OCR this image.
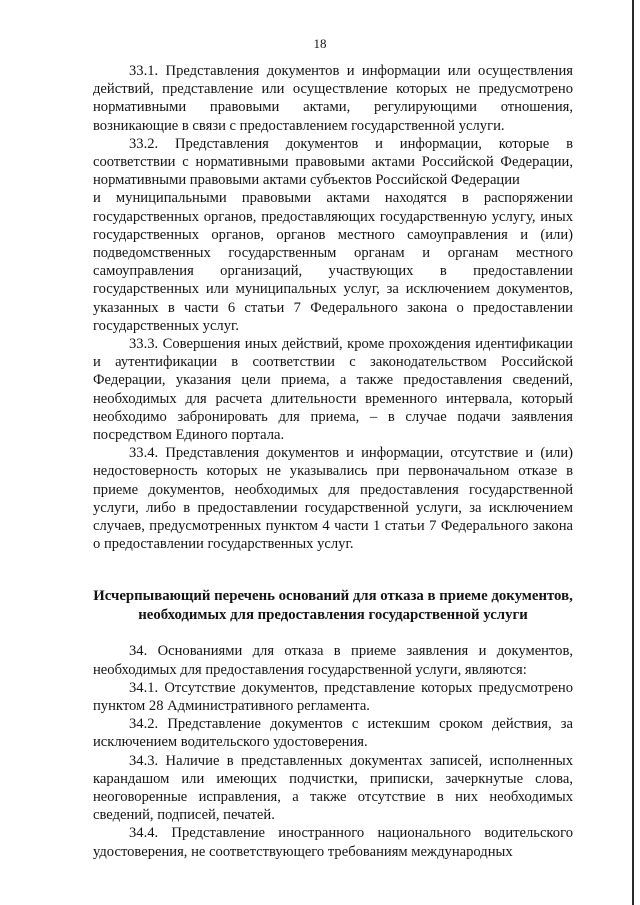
18

33.1. Представления документов и информации или осуществления действий, представление или осуществление которых не предусмотрено нормативными правовыми актами, регулирующими отношения, возникающие в связи с предоставлением государственной услуги.

33.2. Представления документов и информации, которые в соответствии с нормативными правовыми актами Российской Федерации, нормативными правовыми актами субъектов Российской Федерации

и муниципальными правовыми актами находятся в распоряжении государственных органов, предоставляющих государственную услугу, иных государственных органов, органов местного самоуправления и (или) подведомственных государственным органам и органам местного самоуправления организаций, участвующих в предоставлении государственных или муниципальных услуг, за исключением документов, указанных в части 6 статьи 7 Федерального закона о предоставлении государственных услуг.

33.3. Совершения иных действий, кроме прохождения идентификации и аутентификации в соответствии с законодательством Российской Федерации, указания цели приема, а также предоставления сведений, необходимых для расчета длительности временного интервала, который необходимо забронировать для приема, – в случае подачи заявления посредством Единого портала.

33.4. Представления документов и информации, отсутствие и (или) недостоверность которых не указывались при первоначальном отказе в приеме документов, необходимых для предоставления государственной услуги, либо в предоставлении государственной услуги, за исключением случаев, предусмотренных пунктом 4 части 1 статьи 7 Федерального закона о предоставлении государственных услуг.

Исчерпывающий перечень оснований для отказа в приеме документов, необходимых для предоставления государственной услуги

34. Основаниями для отказа в приеме заявления и документов, необходимых для предоставления государственной услуги, являются:

34.1. Отсутствие документов, представление которых предусмотрено пунктом 28 Административного регламента.

34.2. Представление документов с истекшим сроком действия, за исключением водительского удостоверения.

34.3. Наличие в представленных документах записей, исполненных карандашом или имеющих подчистки, приписки, зачеркнутые слова, неоговоренные исправления, а также отсутствие в них необходимых сведений, подписей, печатей.

34.4. Представление иностранного национального водительского удостоверения, не соответствующего требованиям международных
